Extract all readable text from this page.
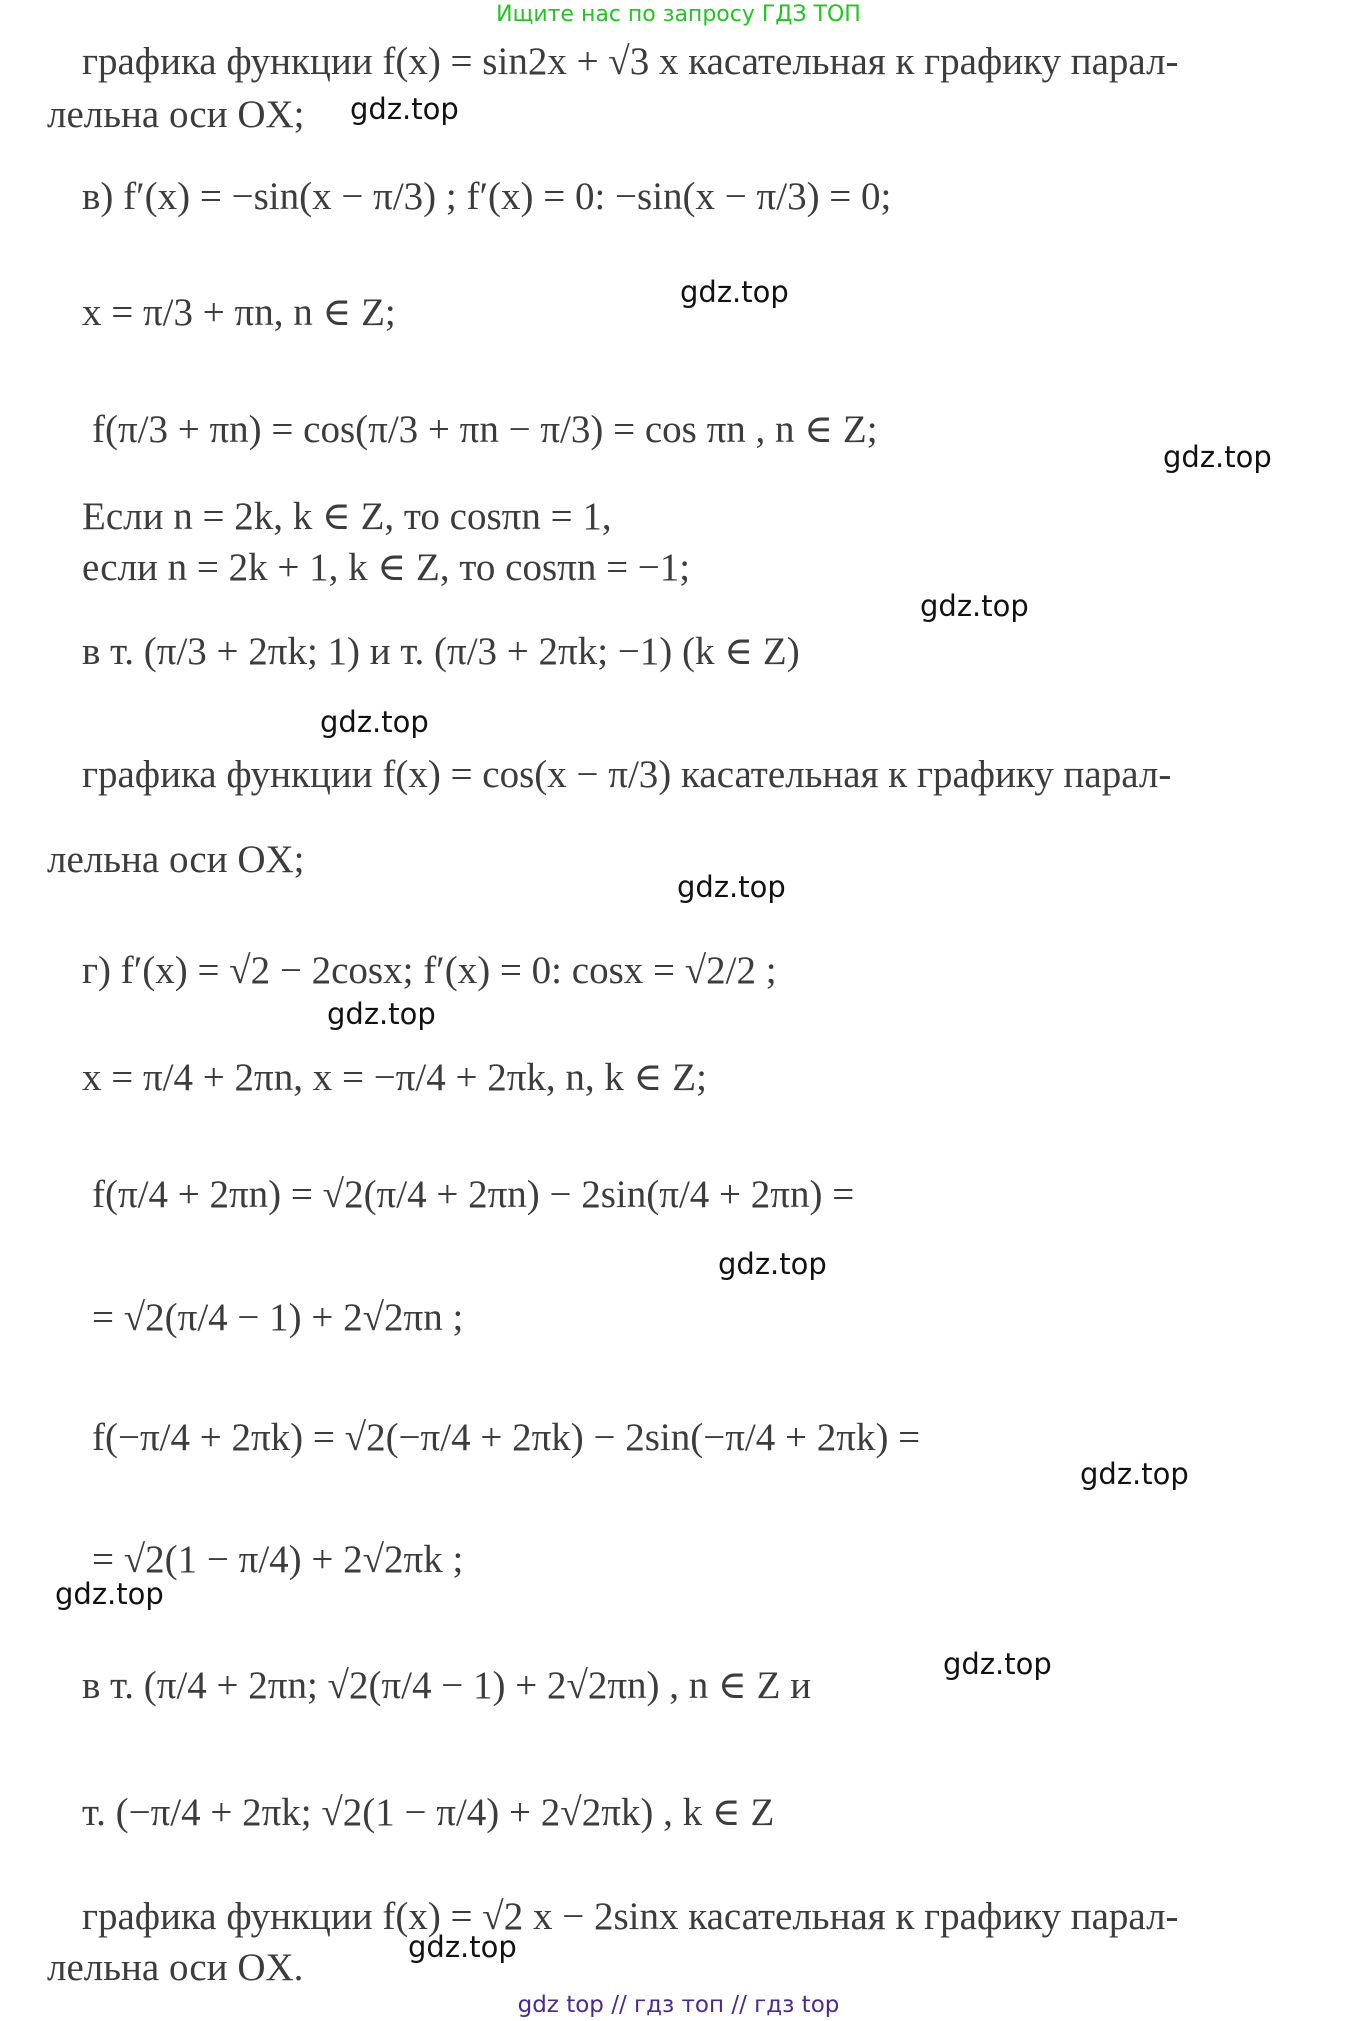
Ищите нас по запросу ГДЗ ТОП
графика функции f(x) = sin2x + √3 x касательная к графику парал-
лельна оси OX;
в) f′(x) = −sin(x − π/3) ; f′(x) = 0: −sin(x − π/3) = 0;
x = π/3 + πn, n ∈ Z;
f(π/3 + πn) = cos(π/3 + πn − π/3) = cos πn , n ∈ Z;
Если n = 2k, k ∈ Z, то cosπn = 1,
если n = 2k + 1, k ∈ Z, то cosπn = −1;
в т. (π/3 + 2πk; 1) и т. (π/3 + 2πk; −1) (k ∈ Z)
графика функции f(x) = cos(x − π/3) касательная к графику парал-
лельна оси OX;
г) f′(x) = √2 − 2cosx; f′(x) = 0: cosx = √2/2 ;
x = π/4 + 2πn, x = −π/4 + 2πk, n, k ∈ Z;
f(π/4 + 2πn) = √2(π/4 + 2πn) − 2sin(π/4 + 2πn) =
= √2(π/4 − 1) + 2√2πn ;
f(−π/4 + 2πk) = √2(−π/4 + 2πk) − 2sin(−π/4 + 2πk) =
= √2(1 − π/4) + 2√2πk ;
в т. (π/4 + 2πn; √2(π/4 − 1) + 2√2πn) , n ∈ Z и
т. (−π/4 + 2πk; √2(1 − π/4) + 2√2πk) , k ∈ Z
графика функции f(x) = √2 x − 2sinx касательная к графику парал-
лельна оси OX.
gdz.top
gdz.top
gdz.top
gdz.top
gdz.top
gdz.top
gdz.top
gdz.top
gdz.top
gdz.top
gdz.top
gdz.top
gdz top // гдз топ // гдз top
